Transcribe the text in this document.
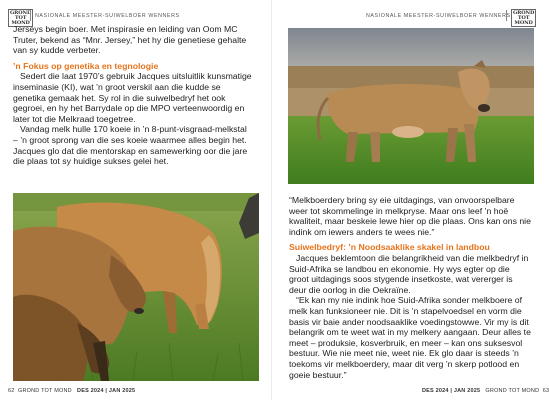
GROND
TOT
MOND
NASIONALE MEESTER-SUIWELBOER WENNERS

Jerseys begin boer. Met inspirasie en leiding van Oom MC Truter, bekend as “Mnr. Jersey,” het hy die genetiese gehalte van sy kudde verbeter.

’n Fokus op genetika en tegnologie

Sedert die laat 1970’s gebruik Jacques uitsluitlik kunsmatige inseminasie (KI), wat ’n groot verskil aan die kudde se genetika gemaak het. Sy rol in die suiwelbedryf het ook gegroei, en hy het Barrydale op die MPO verteenwoordig en later tot die Melkraad toegetree.

Vandag melk hulle 170 koeie in ’n 8-punt-visgraad-melkstal – ’n groot sprong van die ses koeie waarmee alles begin het. Jacques glo dat die mentorskap en samewerking oor die jare die plaas tot sy huidige sukses gelei het.

62 GROND TOT MOND DES 2024 | JAN 2025
NASIONALE MEESTER-SUIWELBOER WENNERS
GROND
TOT
MOND

“Melkboerdery bring sy eie uitdagings, van onvoorspelbare weer tot skommelinge in melkpryse. Maar ons leef ’n hoë kwaliteit, maar beskeie lewe hier op die plaas. Ons kan ons nie indink om iewers anders te wees nie.”

Suiwelbedryf: ’n Noodsaaklike skakel in landbou

Jacques beklemtoon die belangrikheid van die melkbedryf in Suid-Afrika se landbou en ekonomie. Hy wys egter op die groot uitdagings soos stygende insetkoste, wat vererger is deur die oorlog in die Oekraïne.

“Ek kan my nie indink hoe Suid-Afrika sonder melkboere of melk kan funksioneer nie. Dit is ’n stapelvoedsel en vorm die basis vir baie ander noodsaaklike voedingstowwe. Vir my is dit belangrik om te weet wat in my melkery aangaan. Deur alles te meet – produksie, kosverbruik, en meer – kan ons suksesvol bestuur. Wie nie meet nie, weet nie. Ek glo daar is steeds ’n toekoms vir melkboerdery, maar dit verg ’n skerp potlood en goeie bestuur.”

DES 2024 | JAN 2025 GROND TOT MOND 63
